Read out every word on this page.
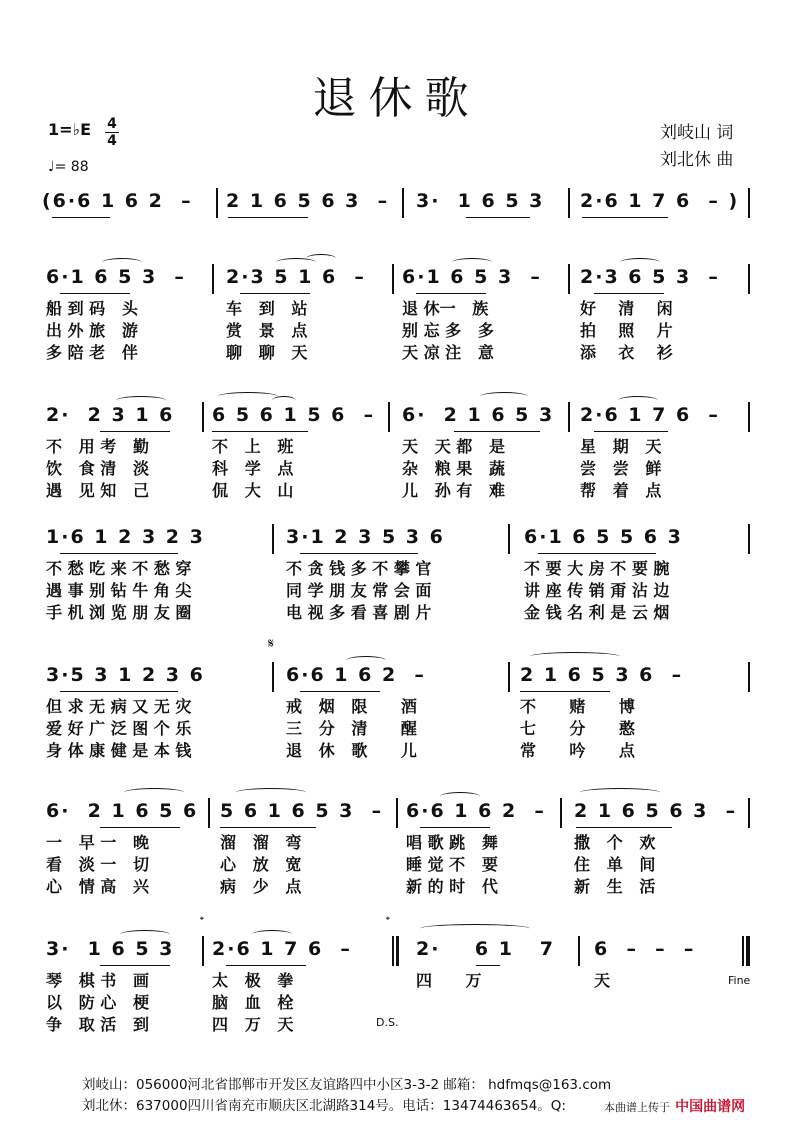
退休歌
1=♭E 4
4
♩= 88
刘岐山 词
刘北休 曲
(6·6 1 6 2  – 2 1 6 5 6 3  – 3·  1 6 5 3 2·6 1 7 6  – )
6·1 6 5 3  – 2·3 5 1 6  – 6·1 6 5 3  – 2·3 6 5 3  –
船 到 码   头	车   到   站	退 休一   族	好    清    闲
出 外 旅   游	赏   景   点	别 忘 多   多	拍    照    片
多 陪 老   伴	聊   聊   天	天 凉 注   意	添    衣    衫
2·  2 3 1 6 6 5 6 1 5 6  – 6·  2 1 6 5 3 2·6 1 7 6  –
不   用 考   勤	不   上   班	天   天 都   是	星   期   天
饮   食 清   淡	科   学   点	杂   粮 果   蔬	尝   尝   鲜
遇   见 知   己	侃   大   山	儿   孙 有   难	帮   着   点
1·6 1 2 3 2 3	3·1 2 3 5 3 6	6·1 6 5 5 6 3
不 愁 吃 来 不 愁 穿	不 贪 钱 多 不 攀 官	不 要 大 房 不 要 腕
遇 事 别 钻 牛 角 尖	同 学 朋 友 常 会 面	讲 座 传 销 甭 沾 边
手 机 浏 览 朋 友 圈	电 视 多 看 喜 剧 片	金 钱 名 利 是 云 烟
𝄋
3·5 3 1 2 3 6	6·6 1 6 2  –	2 1 6 5 3 6  –
但 求 无 病 又 无 灾	戒   烟   限      酒	不      赌      博
爱 好 广 泛 图 个 乐	三   分   清      醒	七      分      憨
身 体 康 健 是 本 钱	退   休   歌      儿	常      吟      点
6·  2 1 6 5 6 5 6 1 6 5 3  – 6·6 1 6 2  – 2 1 6 5 6 3  –
一   早 一   晚	溜   溜   弯	唱 歌 跳   舞	撒   个   欢
看   淡 一   切	心   放   宽	睡 觉 不   要	住   单   间
心   情 高   兴	病   少   点	新 的 时   代	新   生   活
𝄌	𝄌
3·  1 6 5 3 2·6 1 7 6  –	2·    6 1   7 6  –  –  –
Fine
D.S.
琴   棋 书   画	太   极   拳	四      万	天
以   防 心   梗	脑   血   栓
争   取 活   到	四   万   天
刘岐山：056000河北省邯郸市开发区友谊路四中小区3-3-2 邮箱： hdfmqs@163.com
刘北休：637000四川省南充市顺庆区北湖路314号。电话：13474463654。Q:	本曲谱上传于 中国曲谱网
